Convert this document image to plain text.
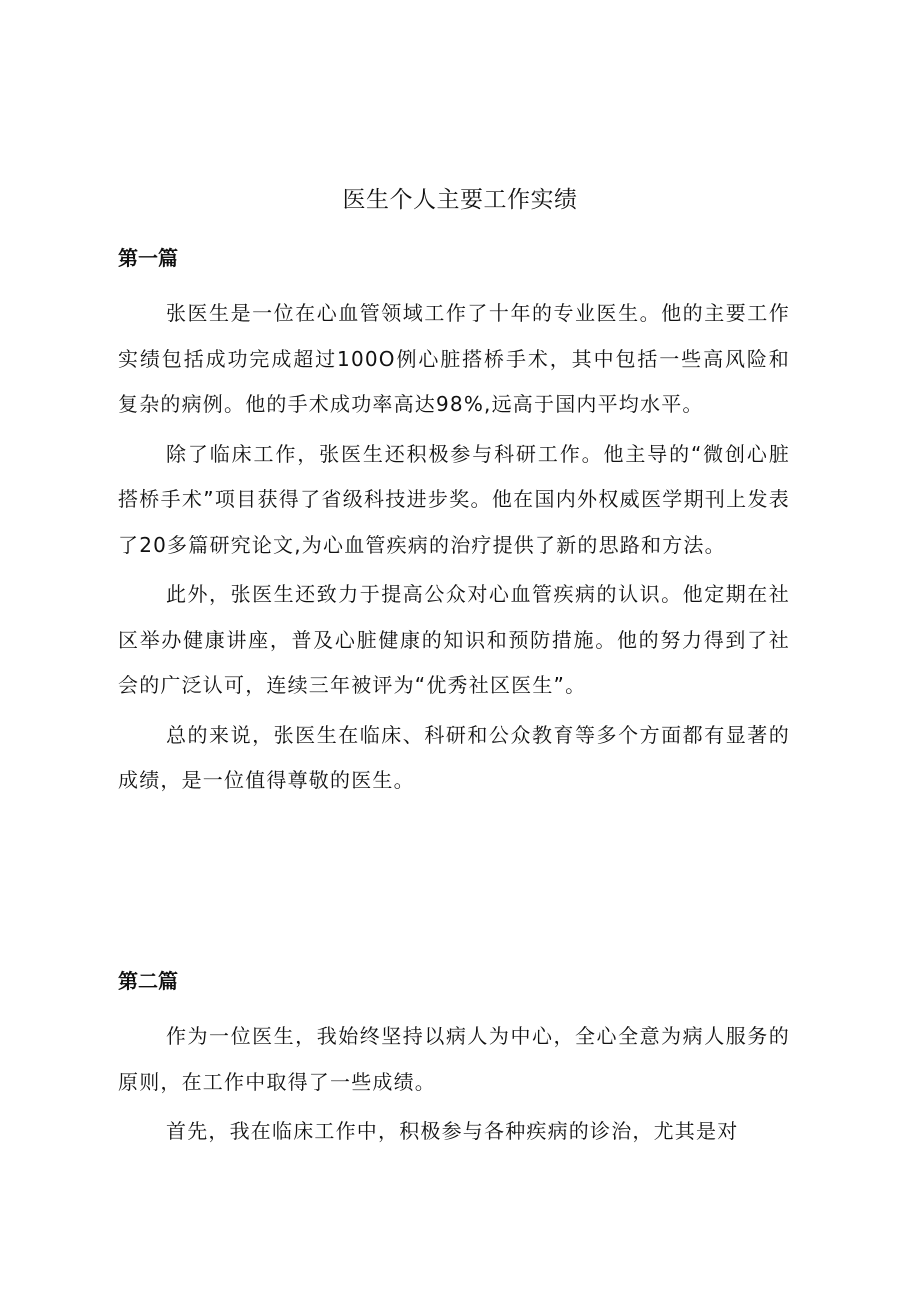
医生个人主要工作实绩
第一篇

张医生是一位在心血管领域工作了十年的专业医生。他的主要工作实绩包括成功完成超过100O例心脏搭桥手术，其中包括一些高风险和复杂的病例。他的手术成功率高达98%,远高于国内平均水平。

除了临床工作，张医生还积极参与科研工作。他主导的“微创心脏搭桥手术”项目获得了省级科技进步奖。他在国内外权威医学期刊上发表了20多篇研究论文,为心血管疾病的治疗提供了新的思路和方法。

此外，张医生还致力于提高公众对心血管疾病的认识。他定期在社区举办健康讲座，普及心脏健康的知识和预防措施。他的努力得到了社会的广泛认可，连续三年被评为“优秀社区医生”。

总的来说，张医生在临床、科研和公众教育等多个方面都有显著的成绩，是一位值得尊敬的医生。

第二篇

作为一位医生，我始终坚持以病人为中心，全心全意为病人服务的原则，在工作中取得了一些成绩。

首先，我在临床工作中，积极参与各种疾病的诊治，尤其是对
